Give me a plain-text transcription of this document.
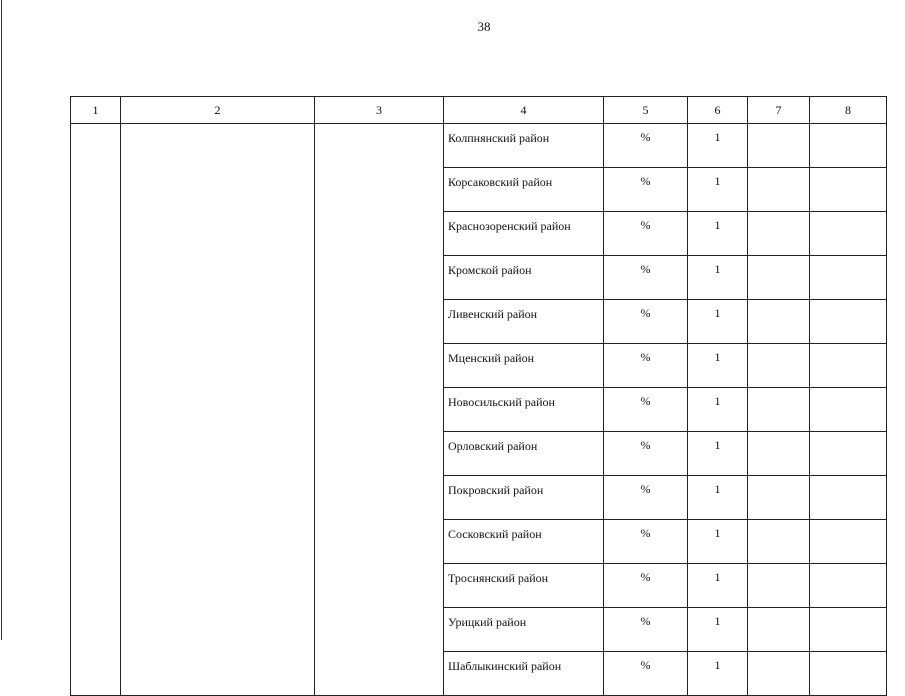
38
1	2	3	4	5	6	7	8
			Колпнянский район	%	1		
			Корсаковский район	%	1		
			Краснозоренский район	%	1		
			Кромской район	%	1		
			Ливенский район	%	1		
			Мценский район	%	1		
			Новосильский район	%	1		
			Орловский район	%	1		
			Покровский район	%	1		
			Сосковский район	%	1		
			Троснянский район	%	1		
			Урицкий район	%	1		
			Шаблыкинский район	%	1		
